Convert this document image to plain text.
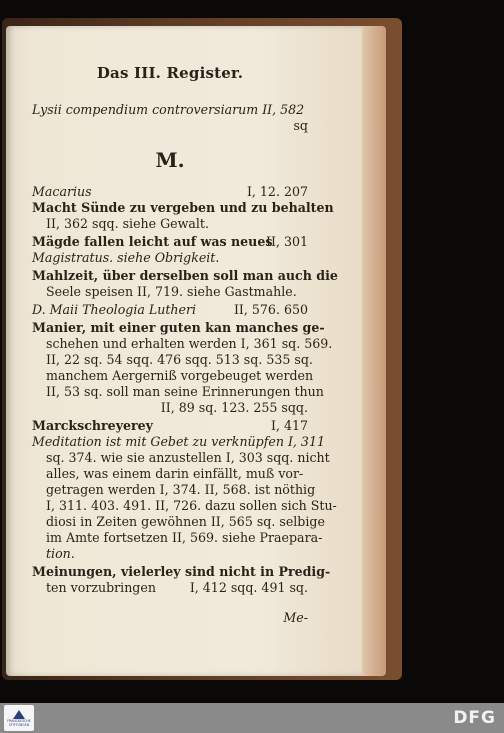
Das III. Register.
Lysii compendium controversiarum II, 582
sq
M.
Macarius	I, 12. 207
Macht Sünde zu vergeben und zu behalten
II, 362 sqq. siehe Gewalt.
Mägde fallen leicht auf was neues
II, 301
Magistratus. siehe Obrigkeit.
Mahlzeit, über derselben soll man auch die
Seele speisen II, 719. siehe Gastmahle.
D. Maii Theologia Lutheri	II, 576. 650
Manier, mit einer guten kan manches ge-
schehen und erhalten werden I, 361 sq. 569.
II, 22 sq. 54 sqq. 476 sqq. 513 sq. 535 sq.
manchem Aergerniß vorgebeuget werden
II, 53 sq. soll man seine Erinnerungen thun
II, 89 sq. 123. 255 sqq.
Marckschreyerey	I, 417
Meditation ist mit Gebet zu verknüpfen I, 311
sq. 374. wie sie anzustellen I, 303 sqq. nicht
alles, was einem darin einfällt, muß vor-
getragen werden I, 374. II, 568. ist nöthig
I, 311. 403. 491. II, 726. dazu sollen sich Stu-
diosi in Zeiten gewöhnen II, 565 sq. selbige
im Amte fortsetzen II, 569. siehe Praepara-
tion.
Meinungen, vielerley sind nicht in Predig-
ten vorzubringen	I, 412 sqq. 491 sq.
Me-
FRANCKESCHE STIFTUNGEN	DFG
